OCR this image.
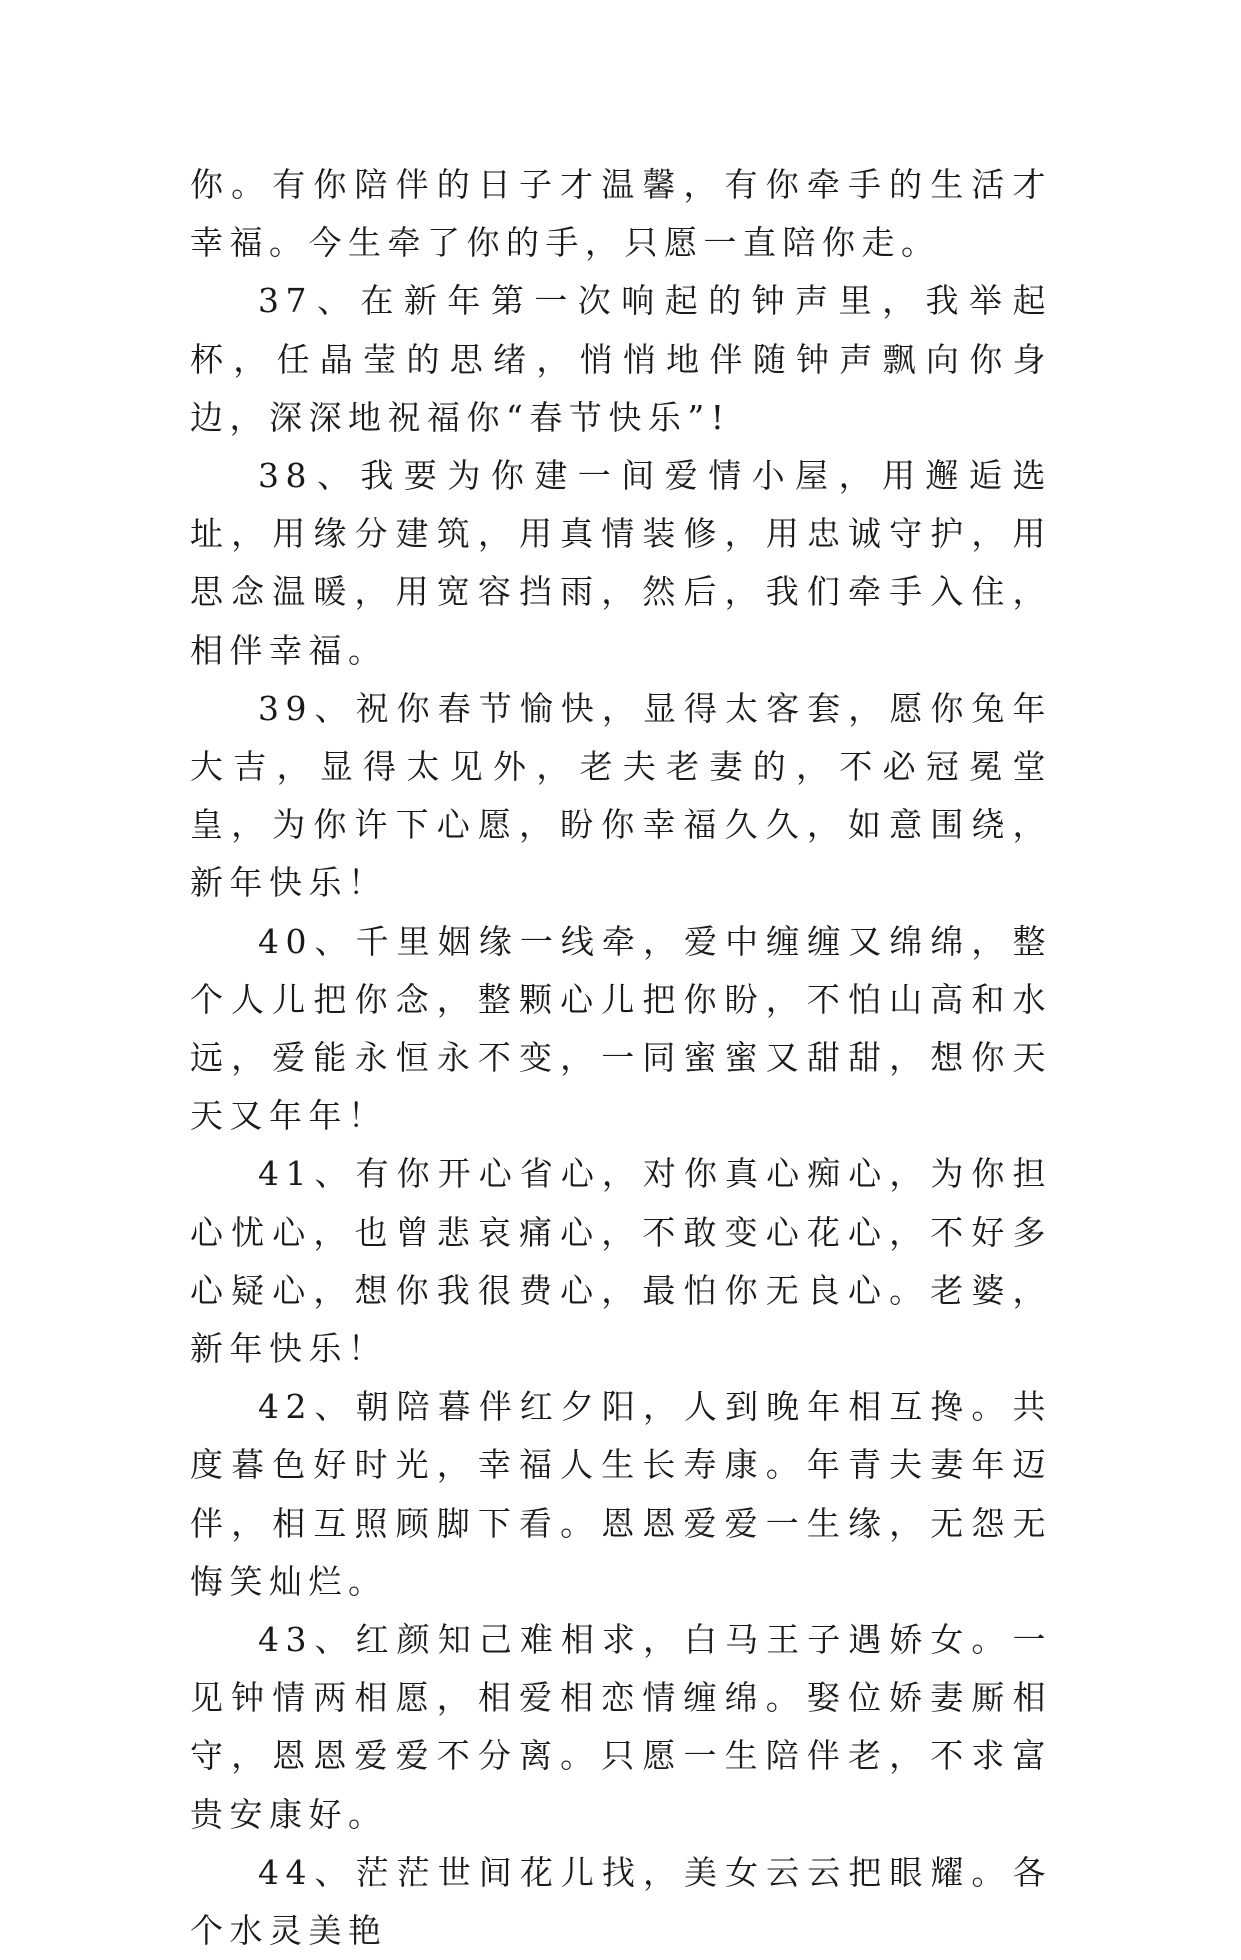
你。有你陪伴的日子才温馨，有你牵手的生活才幸福。今生牵了你的手，只愿一直陪你走。

37、在新年第一次响起的钟声里，我举起杯，任晶莹的思绪，悄悄地伴随钟声飘向你身边，深深地祝福你“春节快乐”!

38、我要为你建一间爱情小屋，用邂逅选址，用缘分建筑，用真情装修，用忠诚守护，用思念温暖，用宽容挡雨，然后，我们牵手入住，相伴幸福。

39、祝你春节愉快，显得太客套，愿你兔年大吉，显得太见外，老夫老妻的，不必冠冕堂皇，为你许下心愿，盼你幸福久久，如意围绕，新年快乐！

40、千里姻缘一线牵，爱中缠缠又绵绵，整个人儿把你念，整颗心儿把你盼，不怕山高和水远，爱能永恒永不变，一同蜜蜜又甜甜，想你天天又年年！

41、有你开心省心，对你真心痴心，为你担心忧心，也曾悲哀痛心，不敢变心花心，不好多心疑心，想你我很费心，最怕你无良心。老婆，新年快乐！

42、朝陪暮伴红夕阳，人到晚年相互搀。共度暮色好时光，幸福人生长寿康。年青夫妻年迈伴，相互照顾脚下看。恩恩爱爱一生缘，无怨无悔笑灿烂。

43、红颜知己难相求，白马王子遇娇女。一见钟情两相愿，相爱相恋情缠绵。娶位娇妻厮相守，恩恩爱爱不分离。只愿一生陪伴老，不求富贵安康好。

44、茫茫世间花儿找，美女云云把眼耀。各个水灵美艳
